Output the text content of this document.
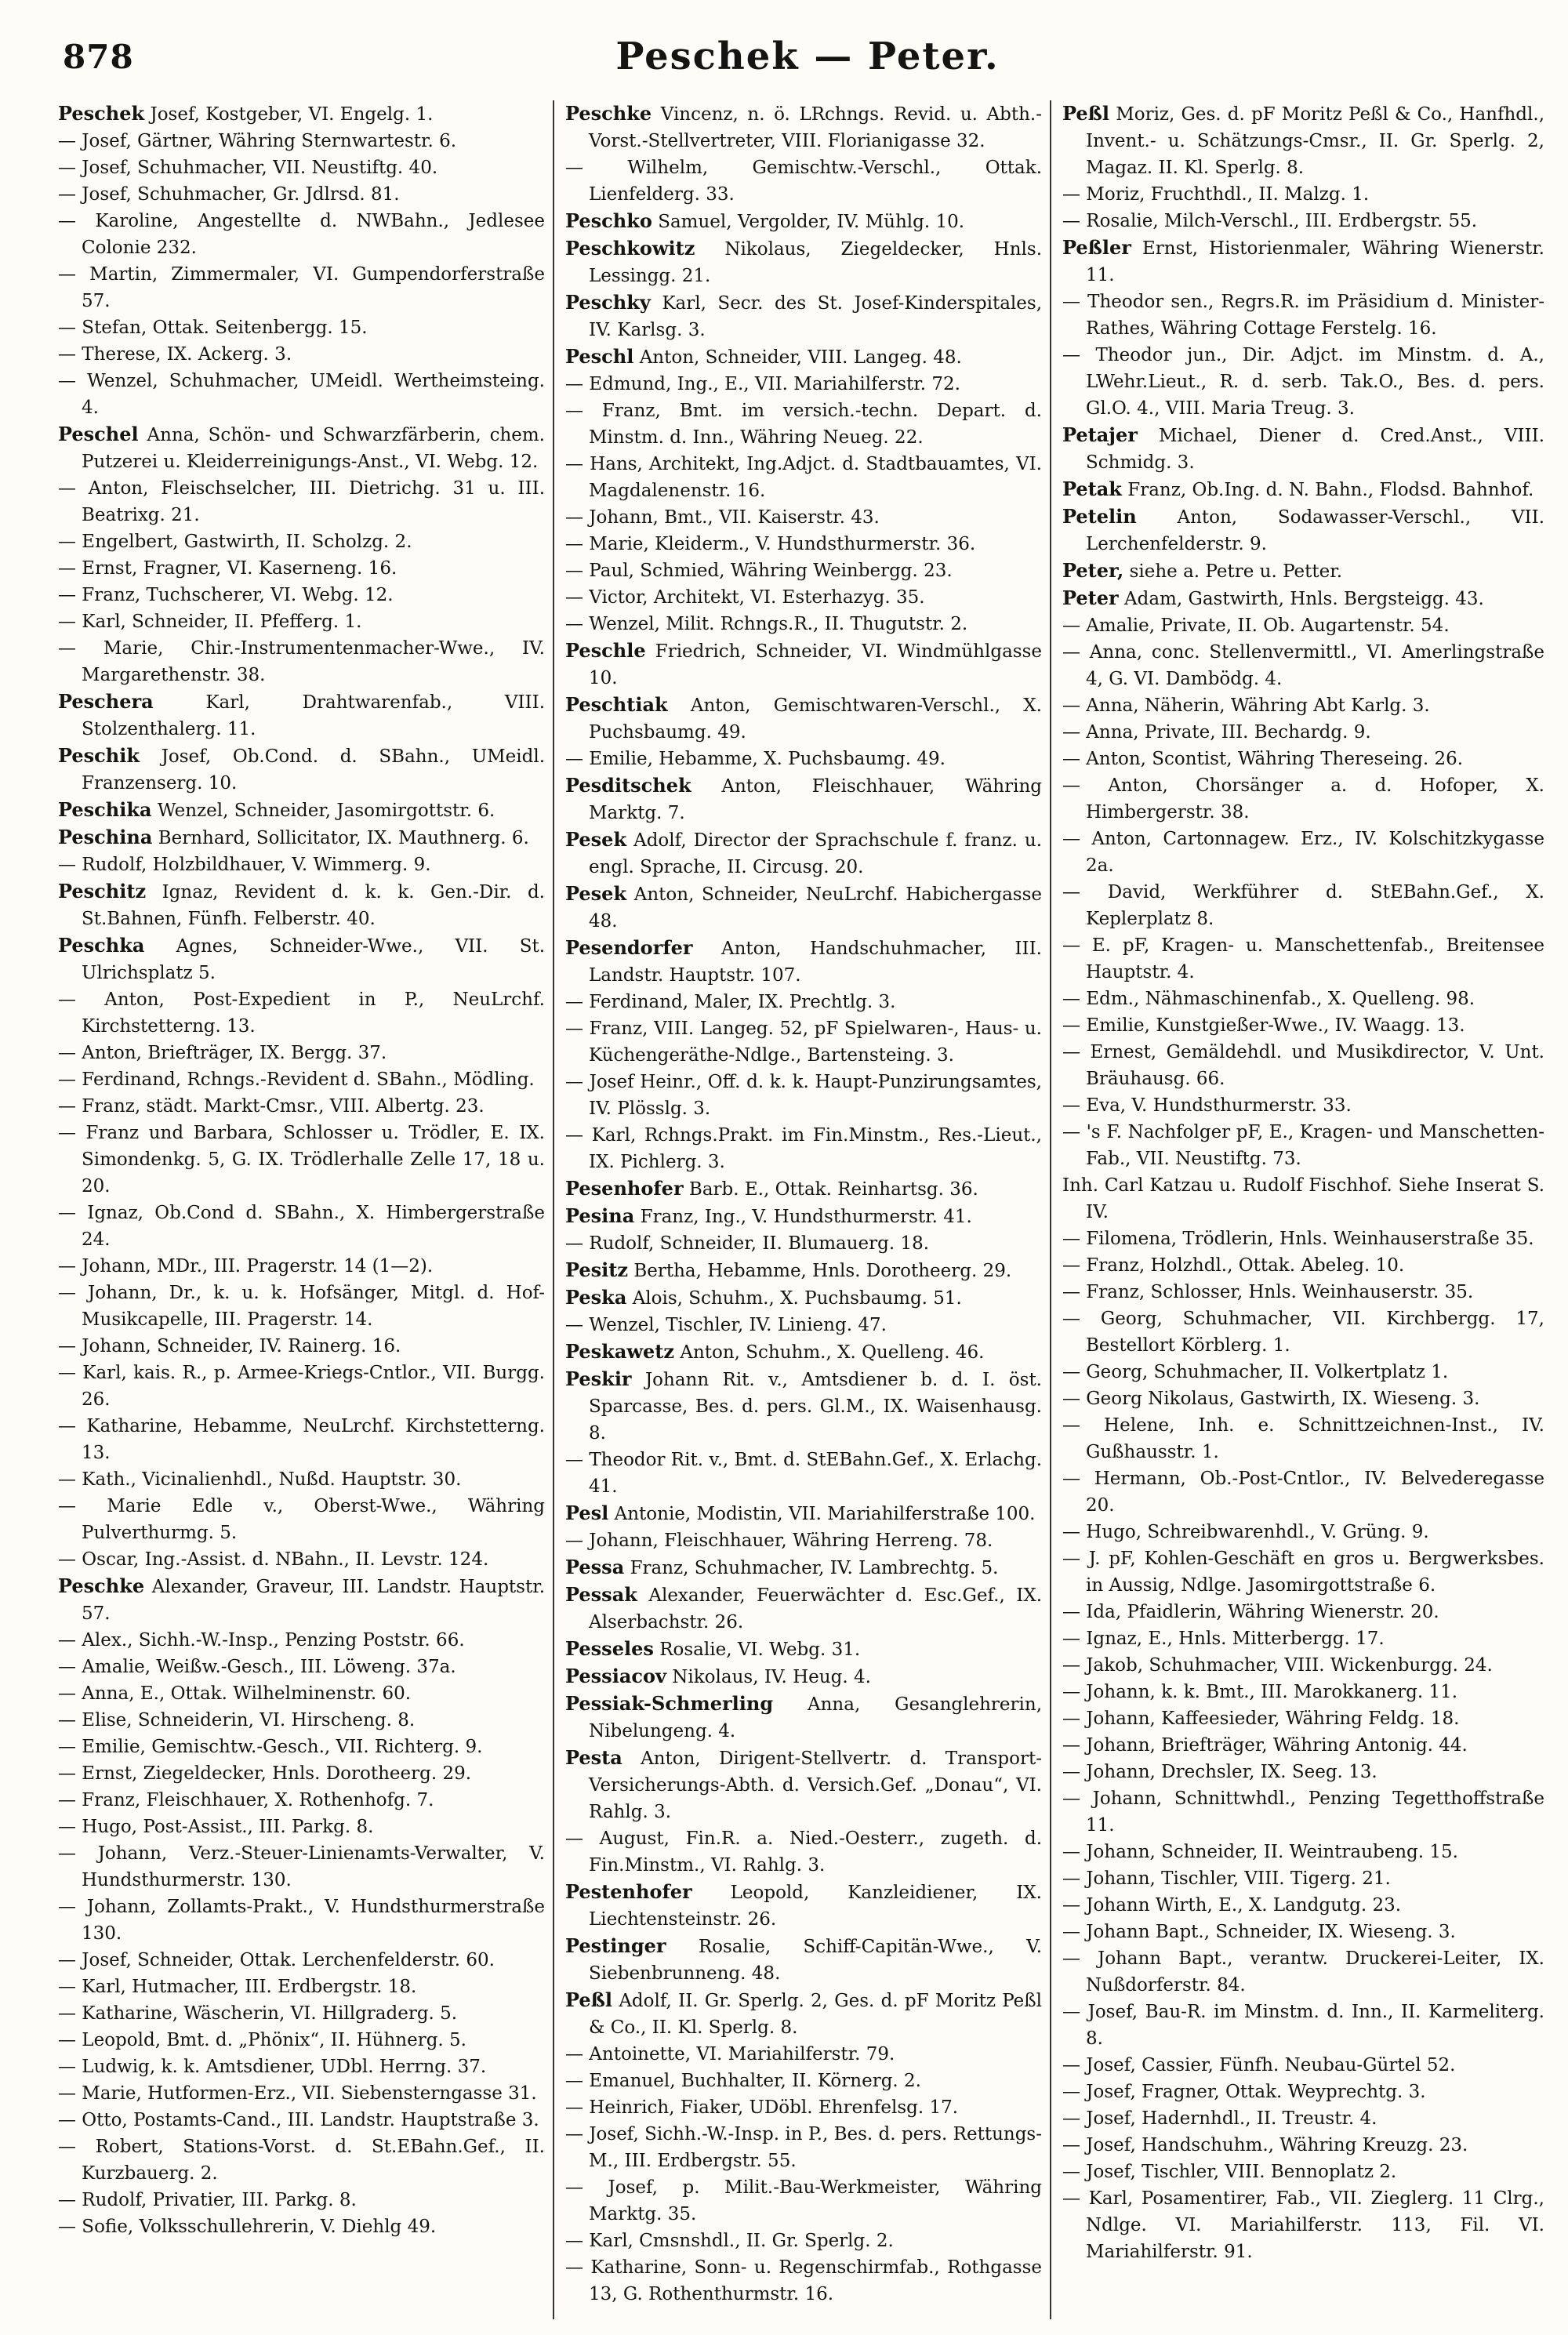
878	Peschek — Peter.

Peschek Josef, Kostgeber, VI. Engelg. 1.

— Josef, Gärtner, Währing Sternwartestr. 6.

— Josef, Schuhmacher, VII. Neustiftg. 40.

— Josef, Schuhmacher, Gr. Jdlrsd. 81.

— Karoline, Angestellte d. NWBahn., Jedlesee Colonie 232.

— Martin, Zimmermaler, VI. Gumpendorferstraße 57.

— Stefan, Ottak. Seitenbergg. 15.

— Therese, IX. Ackerg. 3.

— Wenzel, Schuhmacher, UMeidl. Wertheimsteing. 4.

Peschel Anna, Schön- und Schwarzfärberin, chem. Putzerei u. Kleiderreinigungs-Anst., VI. Webg. 12.

— Anton, Fleischselcher, III. Dietrichg. 31 u. III. Beatrixg. 21.

— Engelbert, Gastwirth, II. Scholzg. 2.

— Ernst, Fragner, VI. Kaserneng. 16.

— Franz, Tuchscherer, VI. Webg. 12.

— Karl, Schneider, II. Pfefferg. 1.

— Marie, Chir.-Instrumentenmacher-Wwe., IV. Margarethenstr. 38.

Peschera	Karl, Drahtwarenfab., VIII. Stolzenthalerg. 11.

Peschik Josef, Ob.Cond. d. SBahn., UMeidl. Franzenserg. 10.

Peschika Wenzel, Schneider, Jasomirgottstr. 6.

Peschina Bernhard, Sollicitator, IX. Mauthnerg. 6.

— Rudolf, Holzbildhauer, V. Wimmerg. 9.

Peschitz Ignaz, Revident d. k. k. Gen.-Dir. d. St.Bahnen, Fünfh. Felberstr. 40.

Peschka Agnes, Schneider-Wwe., VII. St. Ulrichsplatz 5.

— Anton, Post-Expedient in P., NeuLrchf. Kirchstetterng. 13.

— Anton, Briefträger, IX. Bergg. 37.

— Ferdinand, Rchngs.-Revident d. SBahn., Mödling.

— Franz, städt. Markt-Cmsr., VIII. Albertg. 23.

— Franz und Barbara, Schlosser u. Trödler, E. IX. Simondenkg. 5, G. IX. Trödlerhalle Zelle 17, 18 u. 20.

— Ignaz, Ob.Cond d. SBahn., X. Himbergerstraße 24.

— Johann, MDr., III. Pragerstr. 14 (1—2).

— Johann, Dr., k. u. k. Hofsänger, Mitgl. d. Hof-Musikcapelle, III. Pragerstr. 14.

— Johann, Schneider, IV. Rainerg. 16.

— Karl, kais. R., p. Armee-Kriegs-Cntlor., VII. Burgg. 26.

— Katharine, Hebamme, NeuLrchf. Kirchstetterng. 13.

— Kath., Vicinalienhdl., Nußd. Hauptstr. 30.

— Marie Edle v., Oberst-Wwe., Währing Pulverthurmg. 5.

— Oscar, Ing.-Assist. d. NBahn., II. Levstr. 124.

Peschke Alexander, Graveur, III. Landstr. Hauptstr. 57.

— Alex., Sichh.-W.-Insp., Penzing Poststr. 66.

— Amalie, Weißw.-Gesch., III. Löweng. 37a.

— Anna, E., Ottak. Wilhelminenstr. 60.

— Elise, Schneiderin, VI. Hirscheng. 8.

— Emilie, Gemischtw.-Gesch., VII. Richterg. 9.

— Ernst, Ziegeldecker, Hnls. Dorotheerg. 29.

— Franz, Fleischhauer, X. Rothenhofg. 7.

— Hugo, Post-Assist., III. Parkg. 8.

— Johann, Verz.-Steuer-Linienamts-Verwalter, V. Hundsthurmerstr. 130.

— Johann, Zollamts-Prakt., V. Hundsthurmerstraße 130.

— Josef, Schneider, Ottak. Lerchenfelderstr. 60.

— Karl, Hutmacher, III. Erdbergstr. 18.

— Katharine, Wäscherin, VI. Hillgraderg. 5.

— Leopold, Bmt. d. „Phönix“, II. Hühnerg. 5.

— Ludwig, k. k. Amtsdiener, UDbl. Herrng. 37.

— Marie, Hutformen-Erz., VII. Siebensterngasse 31.

— Otto, Postamts-Cand., III. Landstr. Hauptstraße 3.

— Robert, Stations-Vorst. d. St.EBahn.Gef., II. Kurzbauerg. 2.

— Rudolf, Privatier, III. Parkg. 8.

— Sofie, Volksschullehrerin, V. Diehlg 49.

Peschke Vincenz, n. ö. LRchngs. Revid. u. Abth.-Vorst.-Stellvertreter, VIII. Florianigasse 32.

— Wilhelm, Gemischtw.-Verschl., Ottak. Lienfelderg. 33.

Peschko Samuel, Vergolder, IV. Mühlg. 10.

Peschkowitz Nikolaus, Ziegeldecker, Hnls. Lessingg. 21.

Peschky Karl, Secr. des St. Josef-Kinderspitales, IV. Karlsg. 3.

Peschl Anton, Schneider, VIII. Langeg. 48.

— Edmund, Ing., E., VII. Mariahilferstr. 72.

— Franz, Bmt. im versich.-techn. Depart. d. Minstm. d. Inn., Währing Neueg. 22.

— Hans, Architekt, Ing.Adjct. d. Stadtbauamtes, VI. Magdalenenstr. 16.

— Johann, Bmt., VII. Kaiserstr. 43.

— Marie, Kleiderm., V. Hundsthurmerstr. 36.

— Paul, Schmied, Währing Weinbergg. 23.

— Victor, Architekt, VI. Esterhazyg. 35.

— Wenzel, Milit. Rchngs.R., II. Thugutstr. 2.

Peschle Friedrich, Schneider, VI. Windmühlgasse 10.

Peschtiak Anton, Gemischtwaren-Verschl., X. Puchsbaumg. 49.

— Emilie, Hebamme, X. Puchsbaumg. 49.

Pesditschek Anton, Fleischhauer, Währing Marktg. 7.

Pesek Adolf, Director der Sprachschule f. franz. u. engl. Sprache, II. Circusg. 20.

Pesek Anton, Schneider, NeuLrchf. Habichergasse 48.

Pesendorfer Anton, Handschuhmacher, III. Landstr. Hauptstr. 107.

— Ferdinand, Maler, IX. Prechtlg. 3.

— Franz, VIII. Langeg. 52, pF Spielwaren-, Haus- u. Küchengeräthe-Ndlge., Bartensteing. 3.

— Josef Heinr., Off. d. k. k. Haupt-Punzirungsamtes, IV. Plösslg. 3.

— Karl, Rchngs.Prakt. im Fin.Minstm., Res.-Lieut., IX. Pichlerg. 3.

Pesenhofer Barb. E., Ottak. Reinhartsg. 36.

Pesina Franz, Ing., V. Hundsthurmerstr. 41.

— Rudolf, Schneider, II. Blumauerg. 18.

Pesitz Bertha, Hebamme, Hnls. Dorotheerg. 29.

Peska Alois, Schuhm., X. Puchsbaumg. 51.

— Wenzel, Tischler, IV. Linieng. 47.

Peskawetz Anton, Schuhm., X. Quelleng. 46.

Peskir Johann Rit. v., Amtsdiener b. d. I. öst. Sparcasse, Bes. d. pers. Gl.M., IX. Waisenhausg. 8.

— Theodor Rit. v., Bmt. d. StEBahn.Gef., X. Erlachg. 41.

Pesl Antonie, Modistin, VII. Mariahilferstraße 100.

— Johann, Fleischhauer, Währing Herreng. 78.

Pessa Franz, Schuhmacher, IV. Lambrechtg. 5.

Pessak Alexander, Feuerwächter d. Esc.Gef., IX. Alserbachstr. 26.

Pesseles Rosalie, VI. Webg. 31.

Pessiacov Nikolaus, IV. Heug. 4.

Pessiak-Schmerling Anna, Gesanglehrerin, Nibelungeng. 4.

Pesta Anton, Dirigent-Stellvertr. d. Transport-Versicherungs-Abth. d. Versich.Gef. „Donau“, VI. Rahlg. 3.

— August, Fin.R. a. Nied.-Oesterr., zugeth. d. Fin.Minstm., VI. Rahlg. 3.

Pestenhofer Leopold, Kanzleidiener, IX. Liechtensteinstr. 26.

Pestinger Rosalie, Schiff-Capitän-Wwe., V. Siebenbrunneng. 48.

Peßl Adolf, II. Gr. Sperlg. 2, Ges. d. pF Moritz Peßl & Co., II. Kl. Sperlg. 8.

— Antoinette, VI. Mariahilferstr. 79.

— Emanuel, Buchhalter, II. Körnerg. 2.

— Heinrich, Fiaker, UDöbl. Ehrenfelsg. 17.

— Josef, Sichh.-W.-Insp. in P., Bes. d. pers. Rettungs-M., III. Erdbergstr. 55.

— Josef, p. Milit.-Bau-Werkmeister, Währing Marktg. 35.

— Karl, Cmsnshdl., II. Gr. Sperlg. 2.

— Katharine, Sonn- u. Regenschirmfab., Rothgasse 13, G. Rothenthurmstr. 16.

Peßl Moriz, Ges. d. pF Moritz Peßl & Co., Hanfhdl., Invent.- u. Schätzungs-Cmsr., II. Gr. Sperlg. 2, Magaz. II. Kl. Sperlg. 8.

— Moriz, Fruchthdl., II. Malzg. 1.

— Rosalie, Milch-Verschl., III. Erdbergstr. 55.

Peßler Ernst, Historienmaler, Währing Wienerstr. 11.

— Theodor sen., Regrs.R. im Präsidium d. Minister-Rathes, Währing Cottage Ferstelg. 16.

— Theodor jun., Dir. Adjct. im Minstm. d. A., LWehr.Lieut., R. d. serb. Tak.O., Bes. d. pers. Gl.O. 4., VIII. Maria Treug. 3.

Petajer Michael, Diener d. Cred.Anst., VIII. Schmidg. 3.

Petak Franz, Ob.Ing. d. N. Bahn., Flodsd. Bahnhof.

Petelin Anton, Sodawasser-Verschl., VII. Lerchenfelderstr. 9.

Peter, siehe a. Petre u. Petter.

Peter Adam, Gastwirth, Hnls. Bergsteigg. 43.

— Amalie, Private, II. Ob. Augartenstr. 54.

— Anna, conc. Stellenvermittl., VI. Amerlingstraße 4, G. VI. Dambödg. 4.

— Anna, Näherin, Währing Abt Karlg. 3.

— Anna, Private, III. Bechardg. 9.

— Anton, Scontist, Währing Thereseing. 26.

— Anton, Chorsänger a. d. Hofoper, X. Himbergerstr. 38.

— Anton, Cartonnagew. Erz., IV. Kolschitzkygasse 2a.

— David, Werkführer d. StEBahn.Gef., X. Keplerplatz 8.

— E. pF, Kragen- u. Manschettenfab., Breitensee Hauptstr. 4.

— Edm., Nähmaschinenfab., X. Quelleng. 98.

— Emilie, Kunstgießer-Wwe., IV. Waagg. 13.

— Ernest, Gemäldehdl. und Musikdirector, V. Unt. Bräuhausg. 66.

— Eva, V. Hundsthurmerstr. 33.

— 's F. Nachfolger pF, E., Kragen- und Manschetten-Fab., VII. Neustiftg. 73.

Inh. Carl Katzau u. Rudolf Fischhof. Siehe Inserat S. IV.

— Filomena, Trödlerin, Hnls. Weinhauserstraße 35.

— Franz, Holzhdl., Ottak. Abeleg. 10.

— Franz, Schlosser, Hnls. Weinhauserstr. 35.

— Georg, Schuhmacher, VII. Kirchbergg. 17, Bestellort Körblerg. 1.

— Georg, Schuhmacher, II. Volkertplatz 1.

— Georg Nikolaus, Gastwirth, IX. Wieseng. 3.

— Helene, Inh. e. Schnittzeichnen-Inst., IV. Gußhausstr. 1.

— Hermann, Ob.-Post-Cntlor., IV. Belvederegasse 20.

— Hugo, Schreibwarenhdl., V. Grüng. 9.

— J. pF, Kohlen-Geschäft en gros u. Bergwerksbes. in Aussig, Ndlge. Jasomirgottstraße 6.

— Ida, Pfaidlerin, Währing Wienerstr. 20.

— Ignaz, E., Hnls. Mitterbergg. 17.

— Jakob, Schuhmacher, VIII. Wickenburgg. 24.

— Johann, k. k. Bmt., III. Marokkanerg. 11.

— Johann, Kaffeesieder, Währing Feldg. 18.

— Johann, Briefträger, Währing Antonig. 44.

— Johann, Drechsler, IX. Seeg. 13.

— Johann, Schnittwhdl., Penzing Tegetthoffstraße 11.

— Johann, Schneider, II. Weintraubeng. 15.

— Johann, Tischler, VIII. Tigerg. 21.

— Johann Wirth, E., X. Landgutg. 23.

— Johann Bapt., Schneider, IX. Wieseng. 3.

— Johann Bapt., verantw. Druckerei-Leiter, IX. Nußdorferstr. 84.

— Josef, Bau-R. im Minstm. d. Inn., II. Karmeliterg. 8.

— Josef, Cassier, Fünfh. Neubau-Gürtel 52.

— Josef, Fragner, Ottak. Weyprechtg. 3.

— Josef, Hadernhdl., II. Treustr. 4.

— Josef, Handschuhm., Währing Kreuzg. 23.

— Josef, Tischler, VIII. Bennoplatz 2.

— Karl, Posamentirer, Fab., VII. Zieglerg. 11 Clrg., Ndlge. VI. Mariahilferstr. 113, Fil. VI. Mariahilferstr. 91.
